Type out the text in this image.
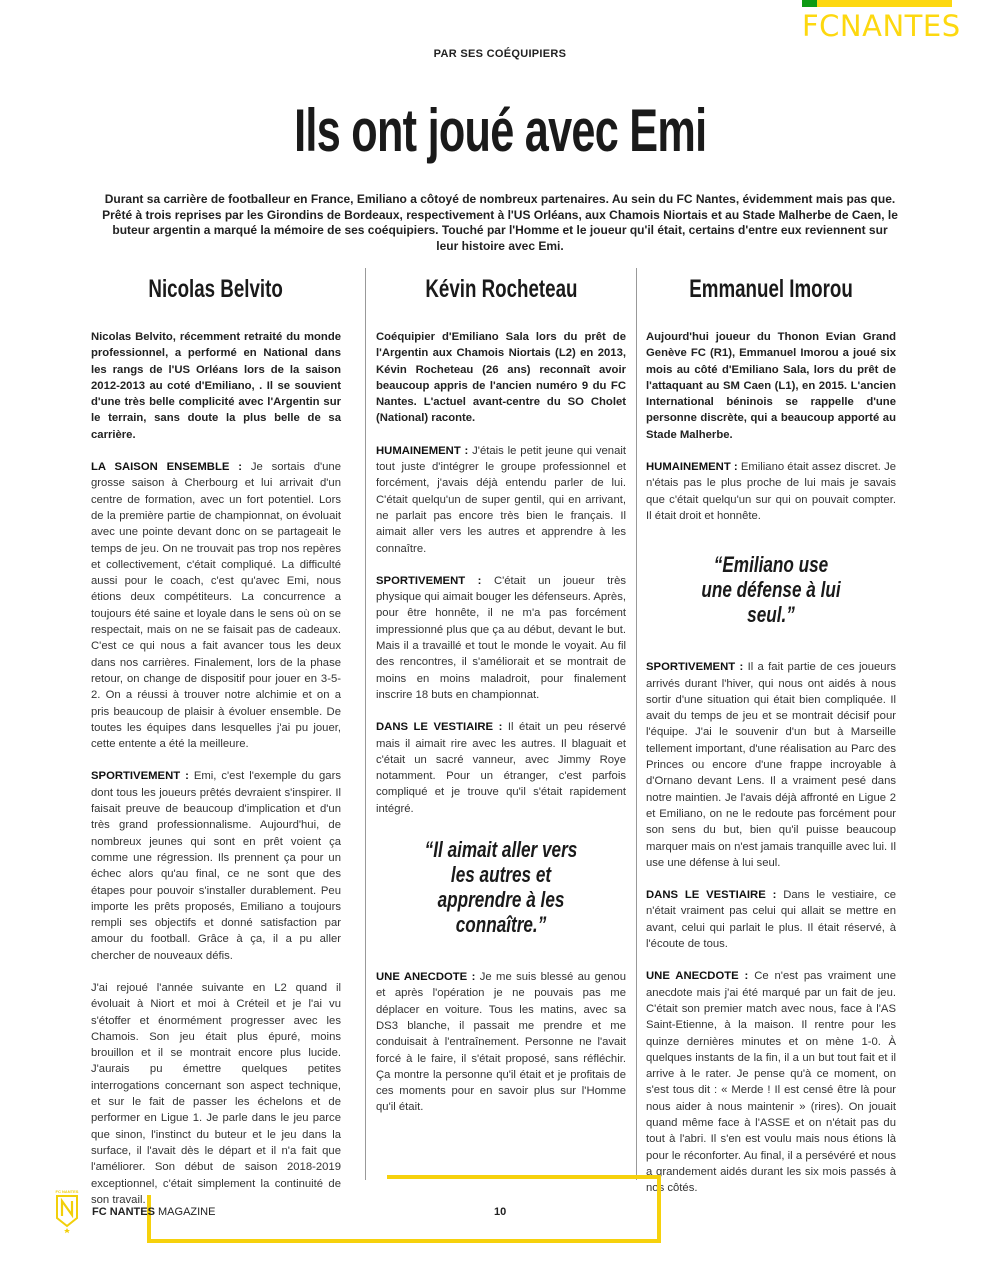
FCNANTES
PAR SES COÉQUIPIERS
Ils ont joué avec Emi
Durant sa carrière de footballeur en France, Emiliano a côtoyé de nombreux partenaires. Au sein du FC Nantes, évidemment mais pas que. Prêté à trois reprises par les Girondins de Bordeaux, respectivement à l'US Orléans, aux Chamois Niortais et au Stade Malherbe de Caen, le buteur argentin a marqué la mémoire de ses coéquipiers. Touché par l'Homme et le joueur qu'il était, certains d'entre eux reviennent sur leur histoire avec Emi.
Nicolas Belvito

Nicolas Belvito, récemment retraité du monde professionnel, a performé en National dans les rangs de l'US Orléans lors de la saison 2012-2013 au coté d'Emiliano, . Il se souvient d'une très belle complicité avec l'Argentin sur le terrain, sans doute la plus belle de sa carrière.

LA SAISON ENSEMBLE : Je sortais d'une grosse saison à Cherbourg et lui arrivait d'un centre de formation, avec un fort potentiel. Lors de la première partie de championnat, on évoluait avec une pointe devant donc on se partageait le temps de jeu. On ne trouvait pas trop nos repères et collectivement, c'était compliqué. La difficulté aussi pour le coach, c'est qu'avec Emi, nous étions deux compétiteurs. La concurrence a toujours été saine et loyale dans le sens où on se respectait, mais on ne se faisait pas de cadeaux. C'est ce qui nous a fait avancer tous les deux dans nos carrières. Finalement, lors de la phase retour, on change de dispositif pour jouer en 3-5-2. On a réussi à trouver notre alchimie et on a pris beaucoup de plaisir à évoluer ensemble. De toutes les équipes dans lesquelles j'ai pu jouer, cette entente a été la meilleure.

SPORTIVEMENT : Emi, c'est l'exemple du gars dont tous les joueurs prêtés devraient s'inspirer. Il faisait preuve de beaucoup d'implication et d'un très grand professionnalisme. Aujourd'hui, de nombreux jeunes qui sont en prêt voient ça comme une régression. Ils prennent ça pour un échec alors qu'au final, ce ne sont que des étapes pour pouvoir s'installer durablement. Peu importe les prêts proposés, Emiliano a toujours rempli ses objectifs et donné satisfaction par amour du football. Grâce à ça, il a pu aller chercher de nouveaux défis.

J'ai rejoué l'année suivante en L2 quand il évoluait à Niort et moi à Créteil et je l'ai vu s'étoffer et énormément progresser avec les Chamois. Son jeu était plus épuré, moins brouillon et il se montrait encore plus lucide. J'aurais pu émettre quelques petites interrogations concernant son aspect technique, et sur le fait de passer les échelons et de performer en Ligue 1. Je parle dans le jeu parce que sinon, l'instinct du buteur et le jeu dans la surface, il l'avait dès le départ et il n'a fait que l'améliorer. Son début de saison 2018-2019 exceptionnel, c'était simplement la continuité de son travail.

Kévin Rocheteau

Coéquipier d'Emiliano Sala lors du prêt de l'Argentin aux Chamois Niortais (L2) en 2013, Kévin Rocheteau (26 ans) reconnaît avoir beaucoup appris de l'ancien numéro 9 du FC Nantes. L'actuel avant-centre du SO Cholet (National) raconte.

HUMAINEMENT : J'étais le petit jeune qui venait tout juste d'intégrer le groupe professionnel et forcément, j'avais déjà entendu parler de lui. C'était quelqu'un de super gentil, qui en arrivant, ne parlait pas encore très bien le français. Il aimait aller vers les autres et apprendre à les connaître.

SPORTIVEMENT : C'était un joueur très physique qui aimait bouger les défenseurs. Après, pour être honnête, il ne m'a pas forcément impressionné plus que ça au début, devant le but. Mais il a travaillé et tout le monde le voyait. Au fil des rencontres, il s'améliorait et se montrait de moins en moins maladroit, pour finalement inscrire 18 buts en championnat.

DANS LE VESTIAIRE : Il était un peu réservé mais il aimait rire avec les autres. Il blaguait et c'était un sacré vanneur, avec Jimmy Roye notamment. Pour un étranger, c'est parfois compliqué et je trouve qu'il s'était rapidement intégré.

“Il aimait aller vers les autres et apprendre à les connaître.”

UNE ANECDOTE : Je me suis blessé au genou et après l'opération je ne pouvais pas me déplacer en voiture. Tous les matins, avec sa DS3 blanche, il passait me prendre et me conduisait à l'entraînement. Personne ne l'avait forcé à le faire, il s'était proposé, sans réfléchir. Ça montre la personne qu'il était et je profitais de ces moments pour en savoir plus sur l'Homme qu'il était.

Emmanuel Imorou

Aujourd'hui joueur du Thonon Evian Grand Genève FC (R1), Emmanuel Imorou a joué six mois au côté d'Emiliano Sala, lors du prêt de l'attaquant au SM Caen (L1), en 2015. L'ancien International béninois se rappelle d'une personne discrète, qui a beaucoup apporté au Stade Malherbe.

HUMAINEMENT : Emiliano était assez discret. Je n'étais pas le plus proche de lui mais je savais que c'était quelqu'un sur qui on pouvait compter. Il était droit et honnête.

“Emiliano use une défense à lui seul.”

SPORTIVEMENT : Il a fait partie de ces joueurs arrivés durant l'hiver, qui nous ont aidés à nous sortir d'une situation qui était bien compliquée. Il avait du temps de jeu et se montrait décisif pour l'équipe. J'ai le souvenir d'un but à Marseille tellement important, d'une réalisation au Parc des Princes ou encore d'une frappe incroyable à d'Ornano devant Lens. Il a vraiment pesé dans notre maintien. Je l'avais déjà affronté en Ligue 2 et Emiliano, on ne le redoute pas forcément pour son sens du but, bien qu'il puisse beaucoup marquer mais on n'est jamais tranquille avec lui. Il use une défense à lui seul.

DANS LE VESTIAIRE : Dans le vestiaire, ce n'était vraiment pas celui qui allait se mettre en avant, celui qui parlait le plus. Il était réservé, à l'écoute de tous.

UNE ANECDOTE : Ce n'est pas vraiment une anecdote mais j'ai été marqué par un fait de jeu. C'était son premier match avec nous, face à l'AS Saint-Etienne, à la maison. Il rentre pour les quinze dernières minutes et on mène 1-0. À quelques instants de la fin, il a un but tout fait et il arrive à le rater. Je pense qu'à ce moment, on s'est tous dit : « Merde ! Il est censé être là pour nous aider à nous maintenir » (rires). On jouait quand même face à l'ASSE et on n'était pas du tout à l'abri. Il s'en est voulu mais nous étions là pour le réconforter. Au final, il a persévéré et nous a grandement aidés durant les six mois passés à nos côtés.

FC NANTES
FC NANTES MAGAZINE	10
